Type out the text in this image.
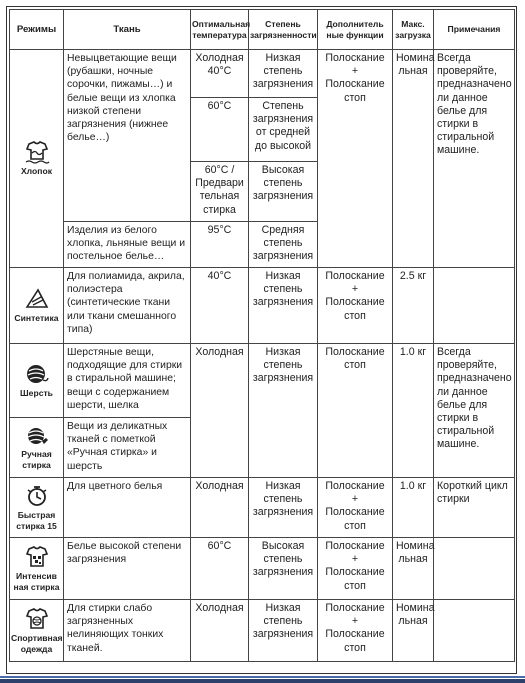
Режимы	Ткань	Оптимальная температура	Степень загрязненности	Дополнитель ные функции	Макс. загрузка	Примечания

Хлопок	Невыцветающие вещи (рубашки, ночные сорочки, пижамы…) и белые вещи из хлопка низкой степени загрязнения (нижнее белье…)	Холодная 40°C	Низкая степень загрязнения	Полоскание + Полоскание стоп	Номина льная	Всегда проверяйте, предназначено ли данное белье для стирки в стиральной машине.
		60°C	Степень загрязнения от средней до высокой			
		60°C /Предвари тельная стирка	Высокая степень загрязнения			
	Изделия из белого хлопка, льняные вещи и постельное белье…	95°C	Средняя степень загрязнения			

Синтетика	Для полиамида, акрила, полиэстера (синтетические ткани или ткани смешанного типа)	40°C	Низкая степень загрязнения	Полоскание + Полоскание стоп	2.5 кг	

Шерсть	Шерстяные вещи, подходящие для стирки в стиральной машине; вещи с содержанием шерсти, шелка	Холодная	Низкая степень загрязнения	Полоскание стоп	1.0 кг	Всегда проверяйте, предназначено ли данное белье для стирки в стиральной машине.

Ручная стирка	Вещи из деликатных тканей с пометкой «Ручная стирка» и шерсть					

Быстрая стирка 15	Для цветного белья	Холодная	Низкая степень загрязнения	Полоскание + Полоскание стоп	1.0 кг	Короткий цикл стирки

Интенсив ная стирка	Белье высокой степени загрязнения	60°C	Высокая степень загрязнения	Полоскание + Полоскание стоп	Номина льная	

Спортивная одежда	Для стирки слабо загрязненных нелиняющих тонких тканей.	Холодная	Низкая степень загрязнения	Полоскание + Полоскание стоп	Номина льная	
